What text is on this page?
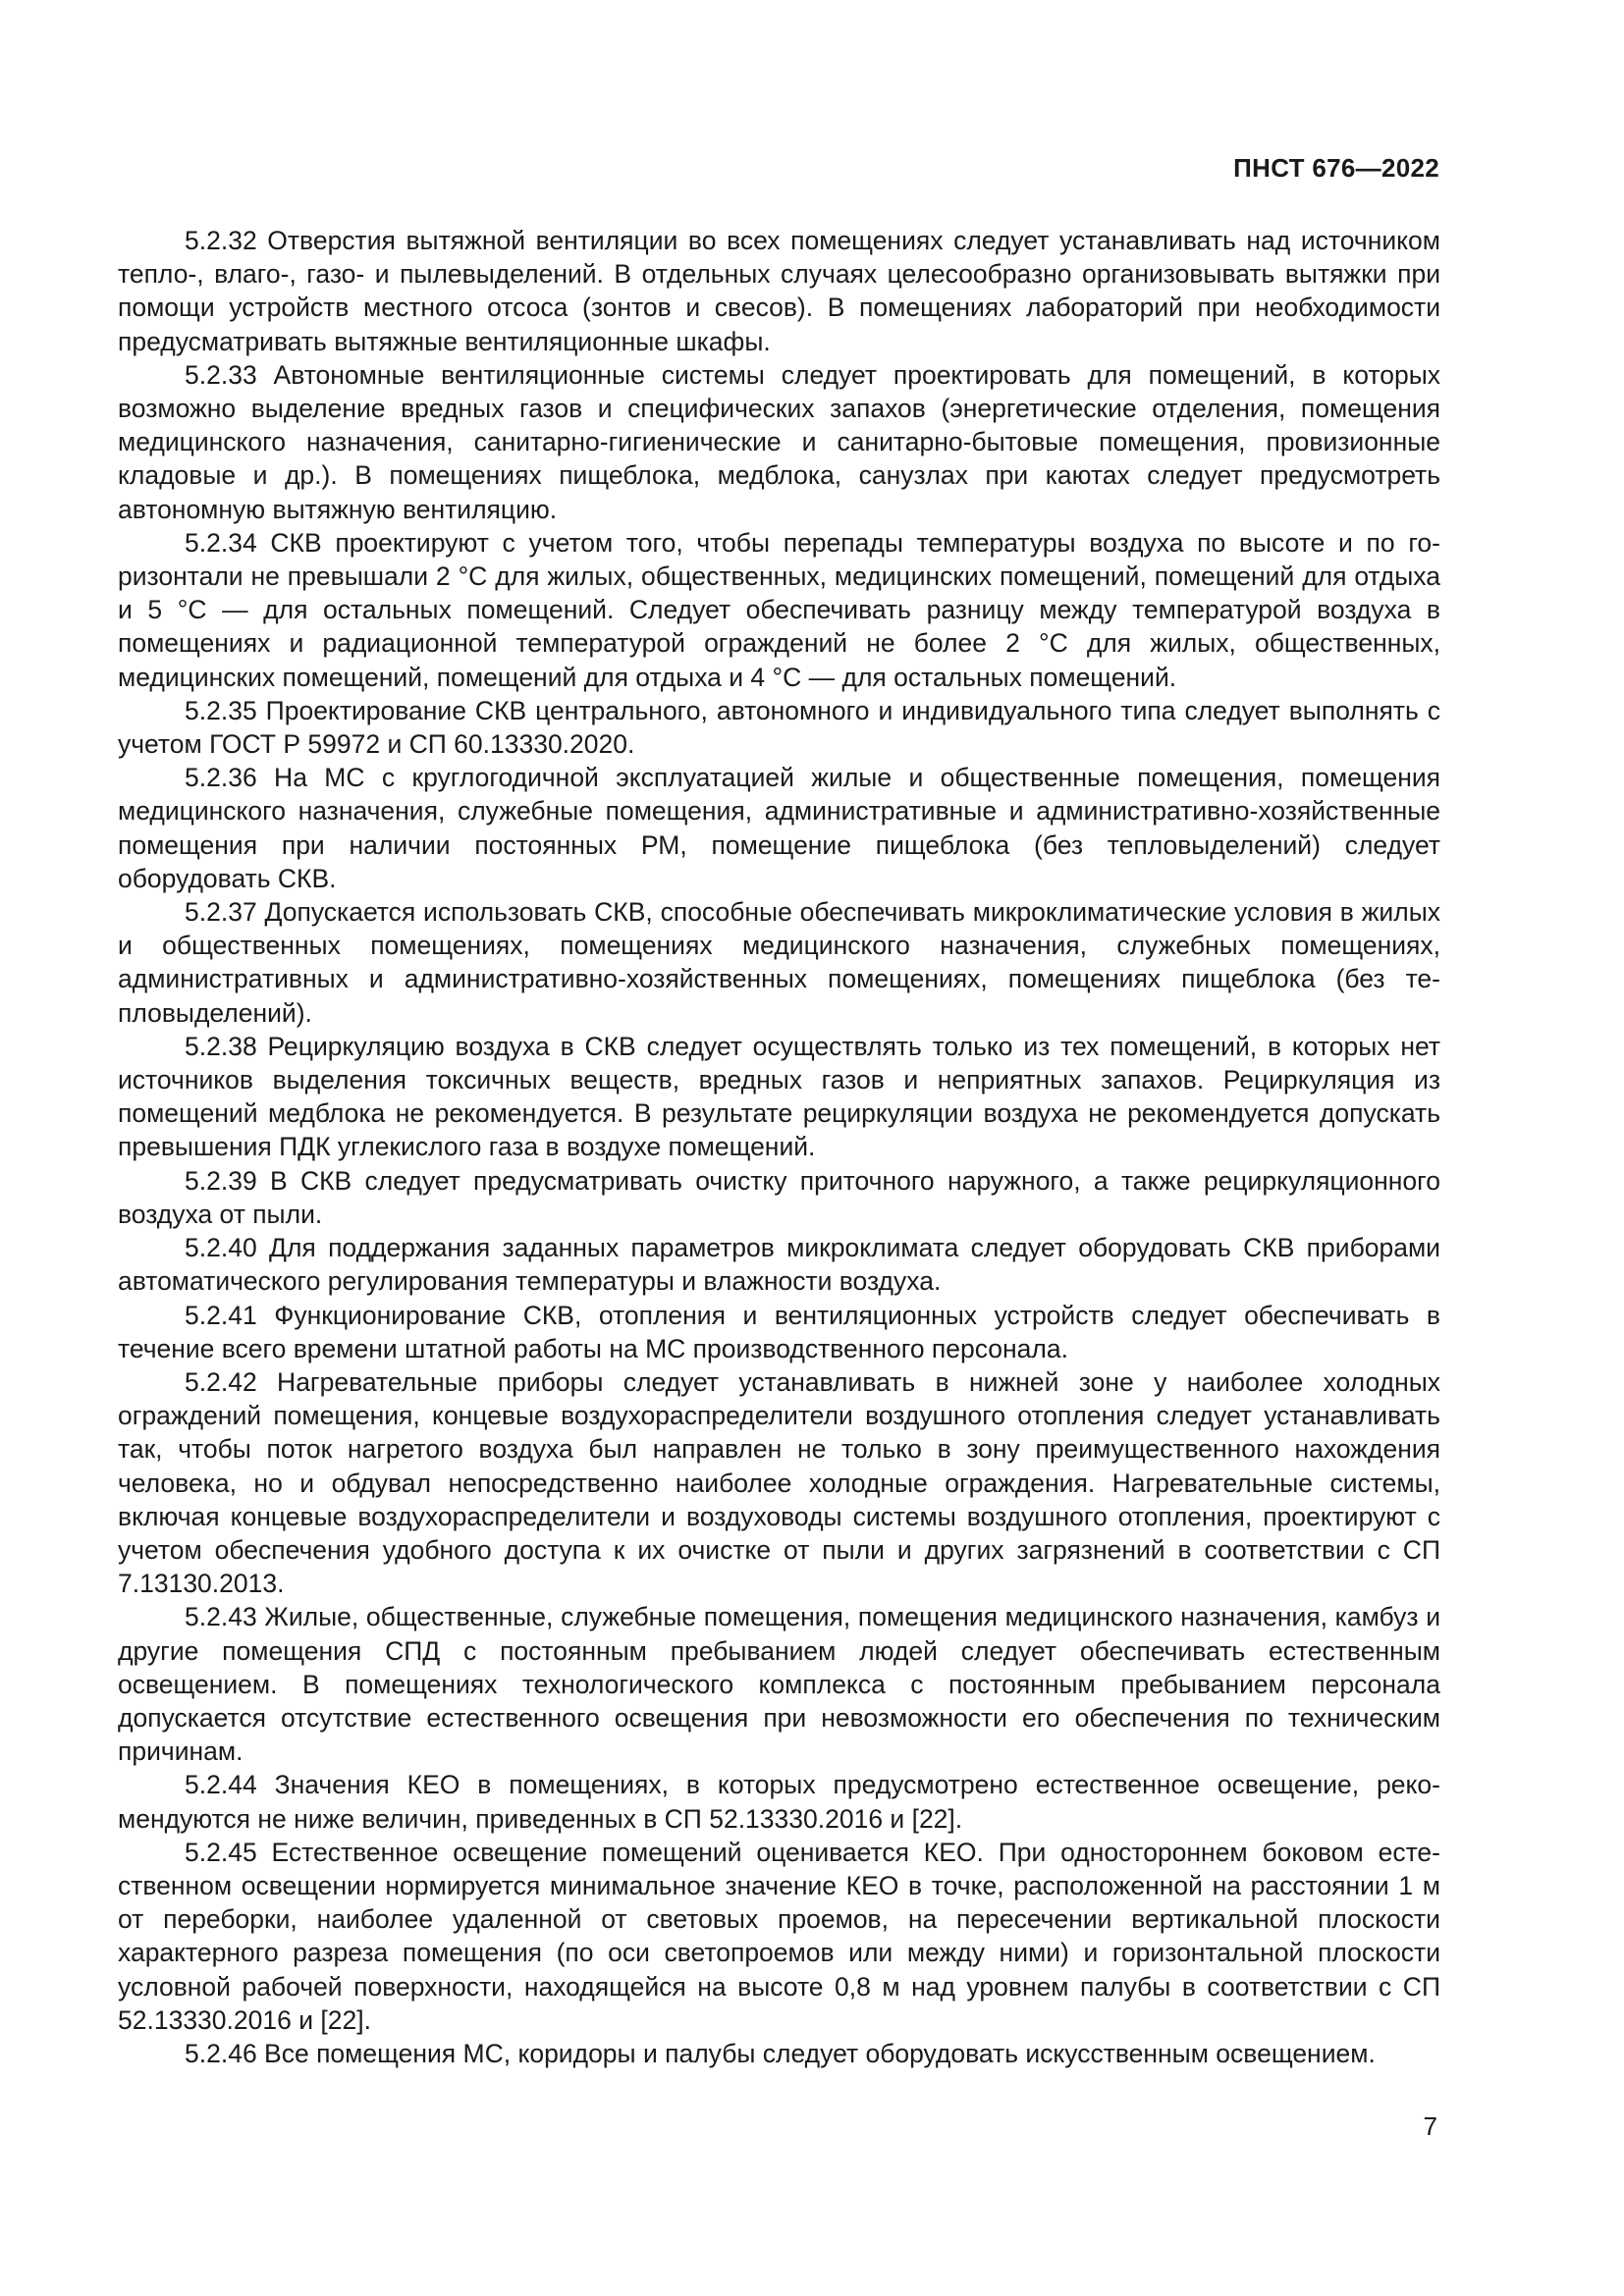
ПНСТ 676—2022

5.2.32 Отверстия вытяжной вентиляции во всех помещениях следует устанавливать над источником тепло-, влаго-, газо- и пылевыделений. В отдельных случаях целесообразно организовывать вытяжки при помощи устройств местного отсоса (зонтов и свесов). В помещениях лабораторий при необходимости предусматривать вытяжные вентиляционные шкафы.

5.2.33 Автономные вентиляционные системы следует проектировать для помещений, в которых возможно выделение вредных газов и специфических запахов (энергетические отделения, помещения медицинского назначения, санитарно-гигиенические и санитарно-бытовые помещения, провизионные кладовые и др.). В помещениях пищеблока, медблока, санузлах при каютах следует предусмотреть автономную вытяжную вентиляцию.

5.2.34 СКВ проектируют с учетом того, чтобы перепады температуры воздуха по высоте и по горизонтали не превышали 2 °С для жилых, общественных, медицинских помещений, помещений для отдыха и 5 °С — для остальных помещений. Следует обеспечивать разницу между температурой воздуха в помещениях и радиационной температурой ограждений не более 2 °С для жилых, общественных, медицинских помещений, помещений для отдыха и 4 °С — для остальных помещений.

5.2.35 Проектирование СКВ центрального, автономного и индивидуального типа следует выполнять с учетом ГОСТ Р 59972 и СП 60.13330.2020.

5.2.36 На МС с круглогодичной эксплуатацией жилые и общественные помещения, помещения медицинского назначения, служебные помещения, административные и административно-хозяйственные помещения при наличии постоянных РМ, помещение пищеблока (без тепловыделений) следует оборудовать СКВ.

5.2.37 Допускается использовать СКВ, способные обеспечивать микроклиматические условия в жилых и общественных помещениях, помещениях медицинского назначения, служебных помещениях, административных и административно-хозяйственных помещениях, помещениях пищеблока (без тепловыделений).

5.2.38 Рециркуляцию воздуха в СКВ следует осуществлять только из тех помещений, в которых нет источников выделения токсичных веществ, вредных газов и неприятных запахов. Рециркуляция из помещений медблока не рекомендуется. В результате рециркуляции воздуха не рекомендуется допускать превышения ПДК углекислого газа в воздухе помещений.

5.2.39 В СКВ следует предусматривать очистку приточного наружного, а также рециркуляционного воздуха от пыли.

5.2.40 Для поддержания заданных параметров микроклимата следует оборудовать СКВ приборами автоматического регулирования температуры и влажности воздуха.

5.2.41 Функционирование СКВ, отопления и вентиляционных устройств следует обеспечивать в течение всего времени штатной работы на МС производственного персонала.

5.2.42 Нагревательные приборы следует устанавливать в нижней зоне у наиболее холодных ограждений помещения, концевые воздухораспределители воздушного отопления следует устанавливать так, чтобы поток нагретого воздуха был направлен не только в зону преимущественного нахождения человека, но и обдувал непосредственно наиболее холодные ограждения. Нагревательные системы, включая концевые воздухораспределители и воздуховоды системы воздушного отопления, проектируют с учетом обеспечения удобного доступа к их очистке от пыли и других загрязнений в соответствии с СП 7.13130.2013.

5.2.43 Жилые, общественные, служебные помещения, помещения медицинского назначения, камбуз и другие помещения СПД с постоянным пребыванием людей следует обеспечивать естественным освещением. В помещениях технологического комплекса с постоянным пребыванием персонала допускается отсутствие естественного освещения при невозможности его обеспечения по техническим причинам.

5.2.44 Значения КЕО в помещениях, в которых предусмотрено естественное освещение, рекомендуются не ниже величин, приведенных в СП 52.13330.2016 и [22].

5.2.45 Естественное освещение помещений оценивается КЕО. При одностороннем боковом естественном освещении нормируется минимальное значение КЕО в точке, расположенной на расстоянии 1 м от переборки, наиболее удаленной от световых проемов, на пересечении вертикальной плоскости характерного разреза помещения (по оси светопроемов или между ними) и горизонтальной плоскости условной рабочей поверхности, находящейся на высоте 0,8 м над уровнем палубы в соответствии с СП 52.13330.2016 и [22].

5.2.46 Все помещения МС, коридоры и палубы следует оборудовать искусственным освещением.

7
